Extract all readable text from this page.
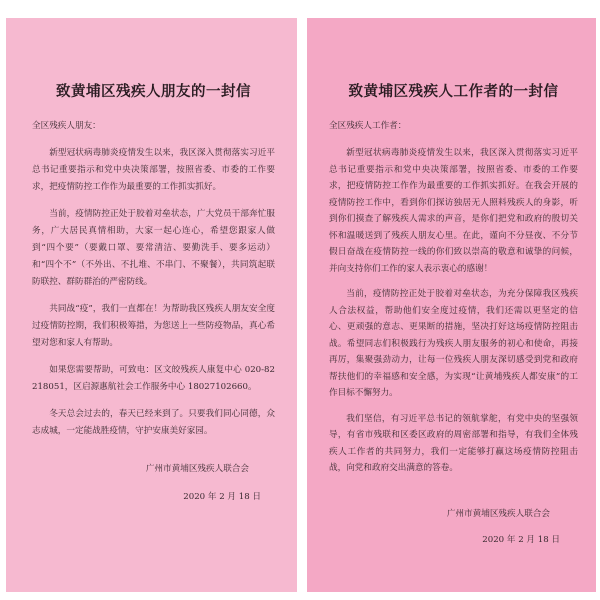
致黄埔区残疾人朋友的一封信
全区残疾人朋友：

新型冠状病毒肺炎疫情发生以来，我区深入贯彻落实习近平总书记重要指示和党中央决策部署，按照省委、市委的工作要求，把疫情防控工作作为最重要的工作抓实抓好。

当前，疫情防控正处于胶着对垒状态，广大党员干部奔忙服务，广大居民真情相助，大家一起心连心，希望您跟家人做到“四个要”（要戴口罩、要常清洁、要勤洗手、要多运动）和“四个不”（不外出、不扎堆、不串门、不聚餐），共同筑起联防联控、群防群治的严密防线。

共同战“疫”，我们一直都在！为帮助我区残疾人朋友安全度过疫情防控期，我们积极筹措，为您送上一些防疫物品，真心希望对您和家人有帮助。

如果您需要帮助，可致电：区文皎残疾人康复中心 020-82218051，区启源惠航社会工作服务中心 18027102660。

冬天总会过去的，春天已经来到了。只要我们同心同德，众志成城，一定能战胜疫情，守护安康美好家园。

广州市黄埔区残疾人联合会
2020 年 2 月 18 日
致黄埔区残疾人工作者的一封信
全区残疾人工作者：

新型冠状病毒肺炎疫情发生以来，我区深入贯彻落实习近平总书记重要指示和党中央决策部署，按照省委、市委的工作要求，把疫情防控工作作为最重要的工作抓实抓好。在我会开展的疫情防控工作中，看到你们探访独居无人照料残疾人的身影，听到你们摸查了解残疾人需求的声音，是你们把党和政府的殷切关怀和温暖送到了残疾人朋友心里。在此，谨向不分昼夜、不分节假日奋战在疫情防控一线的你们致以崇高的敬意和诚挚的问候，并向支持你们工作的家人表示衷心的感谢！

当前，疫情防控正处于胶着对垒状态，为充分保障我区残疾人合法权益，帮助他们安全度过疫情，我们还需以更坚定的信心、更顽强的意志、更果断的措施，坚决打好这场疫情防控阻击战。希望同志们积极践行为残疾人朋友服务的初心和使命，再接再厉，集聚强劲动力，让每一位残疾人朋友深切感受到党和政府帮扶他们的幸福感和安全感，为实现“让黄埔残疾人都安康”的工作目标不懈努力。

我们坚信，有习近平总书记的领航掌舵，有党中央的坚强领导，有省市残联和区委区政府的周密部署和指导，有我们全体残疾人工作者的共同努力，我们一定能够打赢这场疫情防控阻击战，向党和政府交出满意的答卷。

广州市黄埔区残疾人联合会
2020 年 2 月 18 日
